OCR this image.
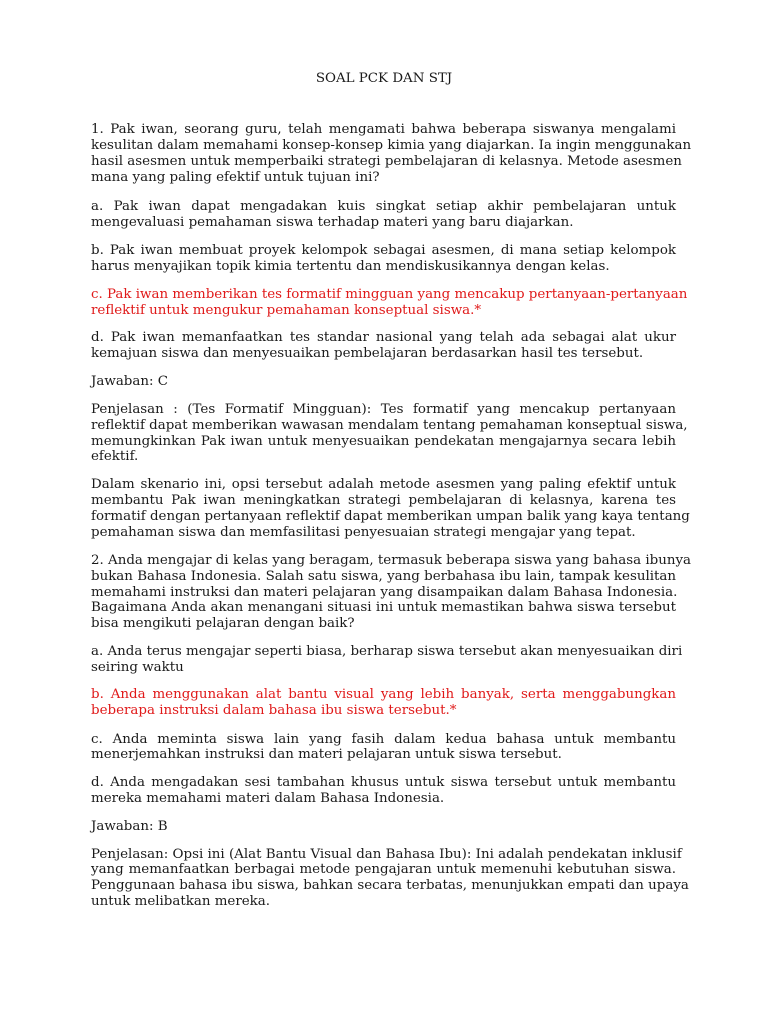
SOAL PCK DAN STJ
1. Pak iwan, seorang guru, telah mengamati bahwa beberapa siswanya mengalami
kesulitan dalam memahami konsep-konsep kimia yang diajarkan. Ia ingin menggunakan
hasil asesmen untuk memperbaiki strategi pembelajaran di kelasnya. Metode asesmen
mana yang paling efektif untuk tujuan ini?
a. Pak iwan dapat mengadakan kuis singkat setiap akhir pembelajaran untuk
mengevaluasi pemahaman siswa terhadap materi yang baru diajarkan.
b. Pak iwan membuat proyek kelompok sebagai asesmen, di mana setiap kelompok
harus menyajikan topik kimia tertentu dan mendiskusikannya dengan kelas.
c. Pak iwan memberikan tes formatif mingguan yang mencakup pertanyaan-pertanyaan
reflektif untuk mengukur pemahaman konseptual siswa.*
d. Pak iwan memanfaatkan tes standar nasional yang telah ada sebagai alat ukur
kemajuan siswa dan menyesuaikan pembelajaran berdasarkan hasil tes tersebut.
Jawaban: C
Penjelasan : (Tes Formatif Mingguan): Tes formatif yang mencakup pertanyaan
reflektif dapat memberikan wawasan mendalam tentang pemahaman konseptual siswa,
memungkinkan Pak iwan untuk menyesuaikan pendekatan mengajarnya secara lebih
efektif.
Dalam skenario ini, opsi tersebut adalah metode asesmen yang paling efektif untuk
membantu Pak iwan meningkatkan strategi pembelajaran di kelasnya, karena tes
formatif dengan pertanyaan reflektif dapat memberikan umpan balik yang kaya tentang
pemahaman siswa dan memfasilitasi penyesuaian strategi mengajar yang tepat.
2. Anda mengajar di kelas yang beragam, termasuk beberapa siswa yang bahasa ibunya
bukan Bahasa Indonesia. Salah satu siswa, yang berbahasa ibu lain, tampak kesulitan
memahami instruksi dan materi pelajaran yang disampaikan dalam Bahasa Indonesia.
Bagaimana Anda akan menangani situasi ini untuk memastikan bahwa siswa tersebut
bisa mengikuti pelajaran dengan baik?
a. Anda terus mengajar seperti biasa, berharap siswa tersebut akan menyesuaikan diri
seiring waktu
b. Anda menggunakan alat bantu visual yang lebih banyak, serta menggabungkan
beberapa instruksi dalam bahasa ibu siswa tersebut.*
c. Anda meminta siswa lain yang fasih dalam kedua bahasa untuk membantu
menerjemahkan instruksi dan materi pelajaran untuk siswa tersebut.
d. Anda mengadakan sesi tambahan khusus untuk siswa tersebut untuk membantu
mereka memahami materi dalam Bahasa Indonesia.
Jawaban: B
Penjelasan: Opsi ini (Alat Bantu Visual dan Bahasa Ibu): Ini adalah pendekatan inklusif
yang memanfaatkan berbagai metode pengajaran untuk memenuhi kebutuhan siswa.
Penggunaan bahasa ibu siswa, bahkan secara terbatas, menunjukkan empati dan upaya
untuk melibatkan mereka.
